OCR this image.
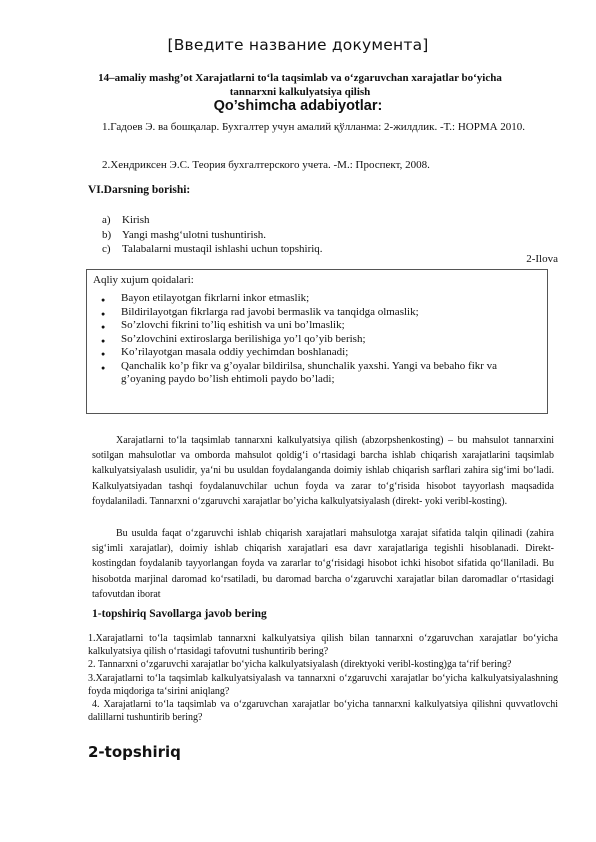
[Введите название документа]
14–amaliy mashg’ot Xarajatlarni to‘la taqsimlab va o‘zgaruvchan xarajatlar bo‘yicha tannarxni kalkulyatsiya qilish
Qo’shimcha adabiyotlar:
1.Гадоев Э. ва бошқалар. Бухгалтер учун амалий қўлланма: 2-жилдлик. -Т.: НОРМА 2010.
2.Хендриксен Э.С. Теория бухгалтерского учета. -М.: Проспект, 2008.
VI.Darsning borishi:
a) Kirish
b) Yangi mashg‘ulotni tushuntirish.
c) Talabalarni mustaqil ishlashi uchun topshiriq.
2-Ilova
Aqliy xujum qoidalari:
● Bayon etilayotgan fikrlarni inkor etmaslik;
● Bildirilayotgan fikrlarga rad javobi bermaslik va tanqidga olmaslik;
● So’zlovchi fikrini to’liq eshitish va uni bo’lmaslik;
● So’zlovchini extiroslarga berilishiga yo’l qo’yib berish;
● Ko’rilayotgan masala oddiy yechimdan boshlanadi;
● Qanchalik ko’p fikr va g’oyalar bildirilsa, shunchalik yaxshi. Yangi va bebaho fikr va g’oyaning paydo bo’lish ehtimoli paydo bo’ladi;
Xarajatlarni to‘la taqsimlab tannarxni kalkulyatsiya qilish (abzorpshenkosting) – bu mahsulot tannarxini sotilgan mahsulotlar va omborda mahsulot qoldig‘i o‘rtasidagi barcha ishlab chiqarish xarajatlarini taqsimlab kalkulyatsiyalash usulidir, ya‘ni bu usuldan foydalanganda doimiy ishlab chiqarish sarflari zahira sig‘imi bo‘ladi. Kalkulyatsiyadan tashqi foydalanuvchilar uchun foyda va zarar to‘g‘risida hisobot tayyorlash maqsadida foydalaniladi. Tannarxni o‘zgaruvchi xarajatlar bo’yicha kalkulyatsiyalash (direkt- yoki veribl-kosting).
Bu usulda faqat o‘zgaruvchi ishlab chiqarish xarajatlari mahsulotga xarajat sifatida talqin qilinadi (zahira sig‘imli xarajatlar), doimiy ishlab chiqarish xarajatlari esa davr xarajatlariga tegishli hisoblanadi. Direkt-kostingdan foydalanib tayyorlangan foyda va zararlar to‘g‘risidagi hisobot ichki hisobot sifatida qo‘llaniladi. Bu hisobotda marjinal daromad ko‘rsatiladi, bu daromad barcha o‘zgaruvchi xarajatlar bilan daromadlar o‘rtasidagi tafovutdan iborat
1-topshiriq Savollarga javob bering
1.Xarajatlarni to‘la taqsimlab tannarxni kalkulyatsiya qilish bilan tannarxni o‘zgaruvchan xarajatlar bo‘yicha kalkulyatsiya qilish o‘rtasidagi tafovutni tushuntirib bering?
2. Tannarxni o‘zgaruvchi xarajatlar bo‘yicha kalkulyatsiyalash (direktyoki veribl-kosting)ga ta‘rif bering?
3.Xarajatlarni to‘la taqsimlab kalkulyatsiyalash va tannarxni o‘zgaruvchi xarajatlar bo‘yicha kalkulyatsiyalashning foyda miqdoriga ta‘sirini aniqlang?
4. Xarajatlarni to‘la taqsimlab va o‘zgaruvchan xarajatlar bo‘yicha tannarxni kalkulyatsiya qilishni quvvatlovchi dalillarni tushuntirib bering?
2-topshiriq
